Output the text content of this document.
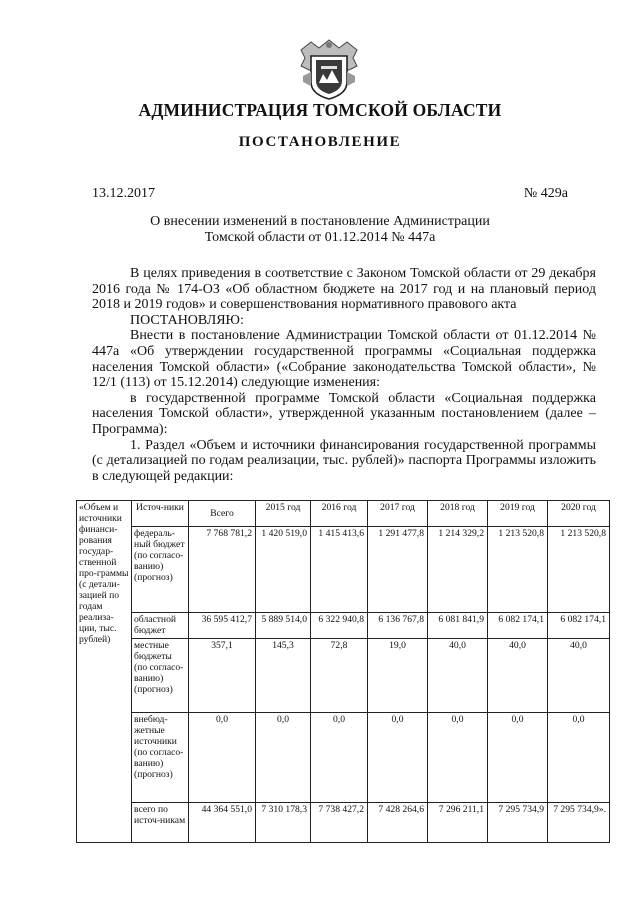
АДМИНИСТРАЦИЯ ТОМСКОЙ ОБЛАСТИ
ПОСТАНОВЛЕНИЕ
13.12.2017	№ 429а
О внесении изменений в постановление Администрации
Томской области от 01.12.2014 № 447а

В целях приведения в соответствие с Законом Томской области от 29 декабря 2016 года № 174-ОЗ «Об областном бюджете на 2017 год и на плановый период 2018 и 2019 годов» и совершенствования нормативного правового акта

ПОСТАНОВЛЯЮ:

Внести в постановление Администрации Томской области от 01.12.2014 № 447а «Об утверждении государственной программы «Социальная поддержка населения Томской области» («Собрание законодательства Томской области», № 12/1 (113) от 15.12.2014) следующие изменения:

в государственной программе Томской области «Социальная поддержка населения Томской области», утвержденной указанным постановлением (далее – Программа):

1. Раздел «Объем и источники финансирования государственной программы (с детализацией по годам реализации, тыс. рублей)» паспорта Программы изложить в следующей редакции:

«Объем и источники финанси-рования государ-ственной про-граммы (с детали-зацией по годам реализа-ции, тыс. рублей)	Источ-ники	Всего	2015 год	2016 год	2017 год	2018 год	2019 год	2020 год
	федераль-ный бюджет (по согласо-ванию) (прогноз)	7 768 781,2	1 420 519,0	1 415 413,6	1 291 477,8	1 214 329,2	1 213 520,8	1 213 520,8
	областной бюджет	36 595 412,7	5 889 514,0	6 322 940,8	6 136 767,8	6 081 841,9	6 082 174,1	6 082 174,1
	местные бюджеты (по согласо-ванию) (прогноз)	357,1	145,3	72,8	19,0	40,0	40,0	40,0
	внебюд-жетные источники (по согласо-ванию) (прогноз)	0,0	0,0	0,0	0,0	0,0	0,0	0,0
	всего по источ-никам	44 364 551,0	7 310 178,3	7 738 427,2	7 428 264,6	7 296 211,1	7 295 734,9	7 295 734,9».
